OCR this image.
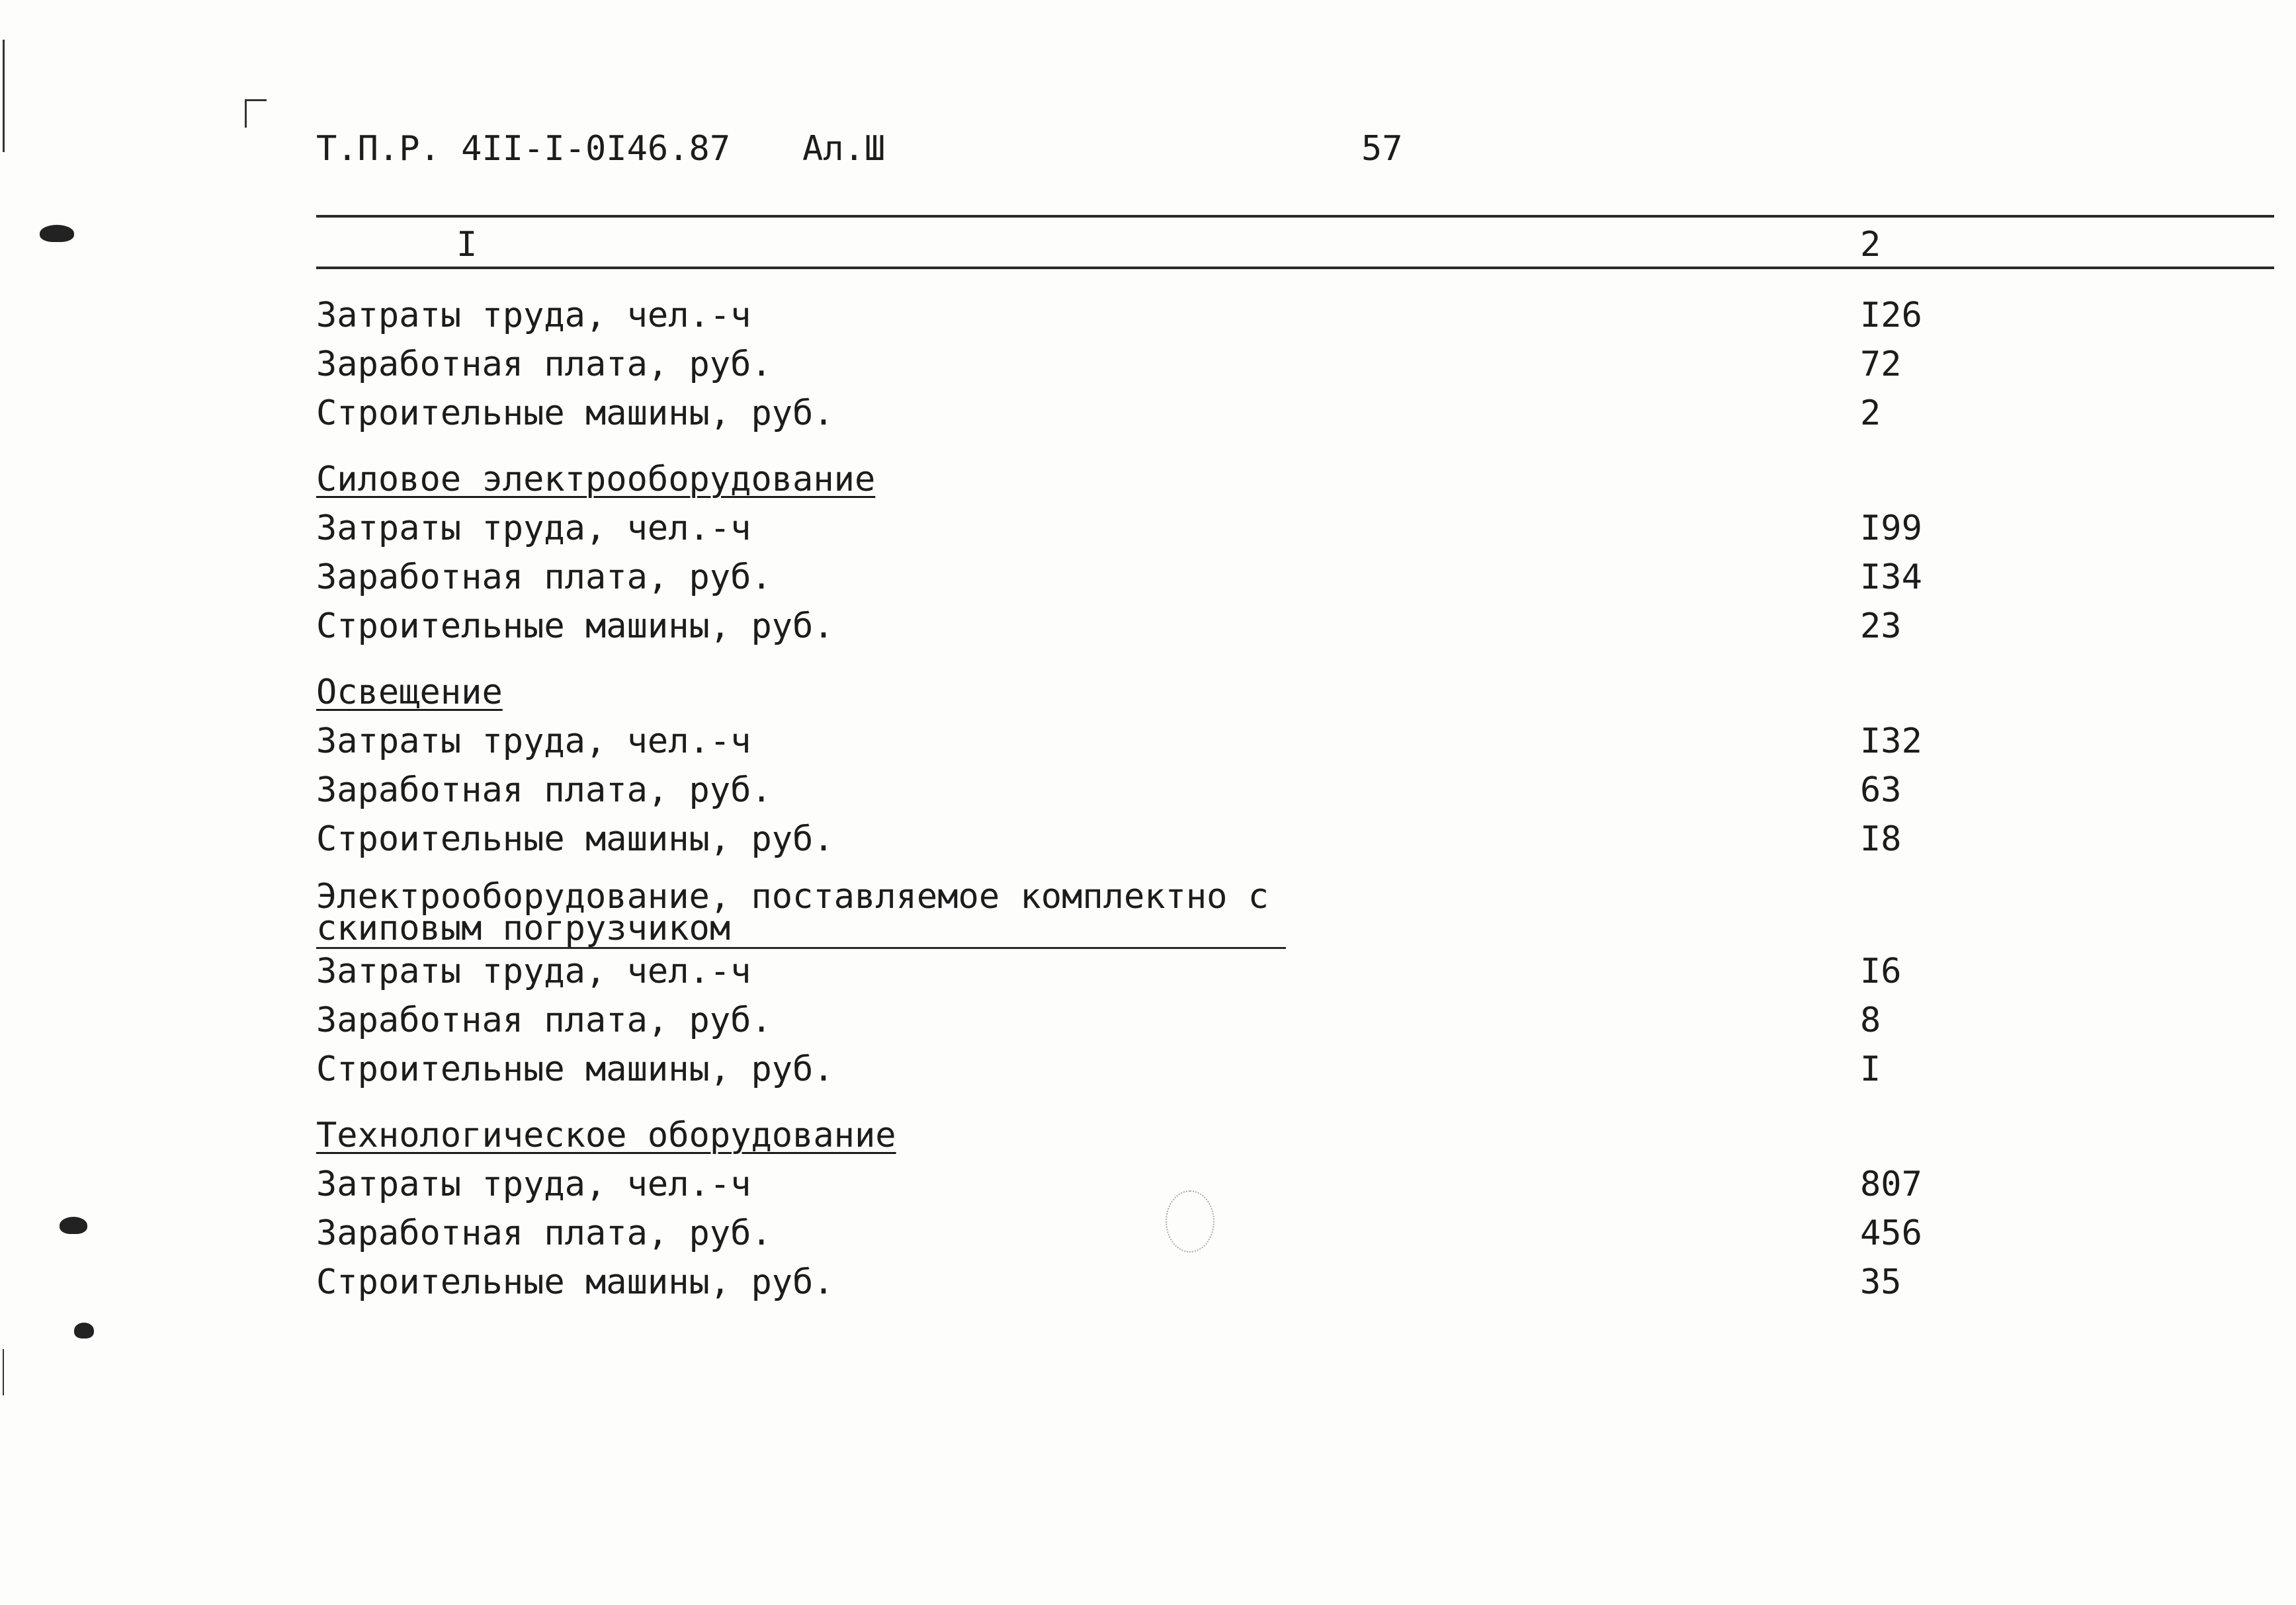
Т.П.Р. 4II-I-0I46.87 Ал.Ш	57
I	2
Затраты труда, чел.-ч	I26
Заработная плата, руб.	72
Строительные машины, руб.	2
Силовое электрооборудование
Затраты труда, чел.-ч	I99
Заработная плата, руб.	I34
Строительные машины, руб.	23
Освещение
Затраты труда, чел.-ч	I32
Заработная плата, руб.	63
Строительные машины, руб.	I8
Электрооборудование, поставляемое комплектно с
скиповым погрузчиком
Затраты труда, чел.-ч	I6
Заработная плата, руб.	8
Строительные машины, руб.	I
Технологическое оборудование
Затраты труда, чел.-ч	807
Заработная плата, руб.	456
Строительные машины, руб.	35
